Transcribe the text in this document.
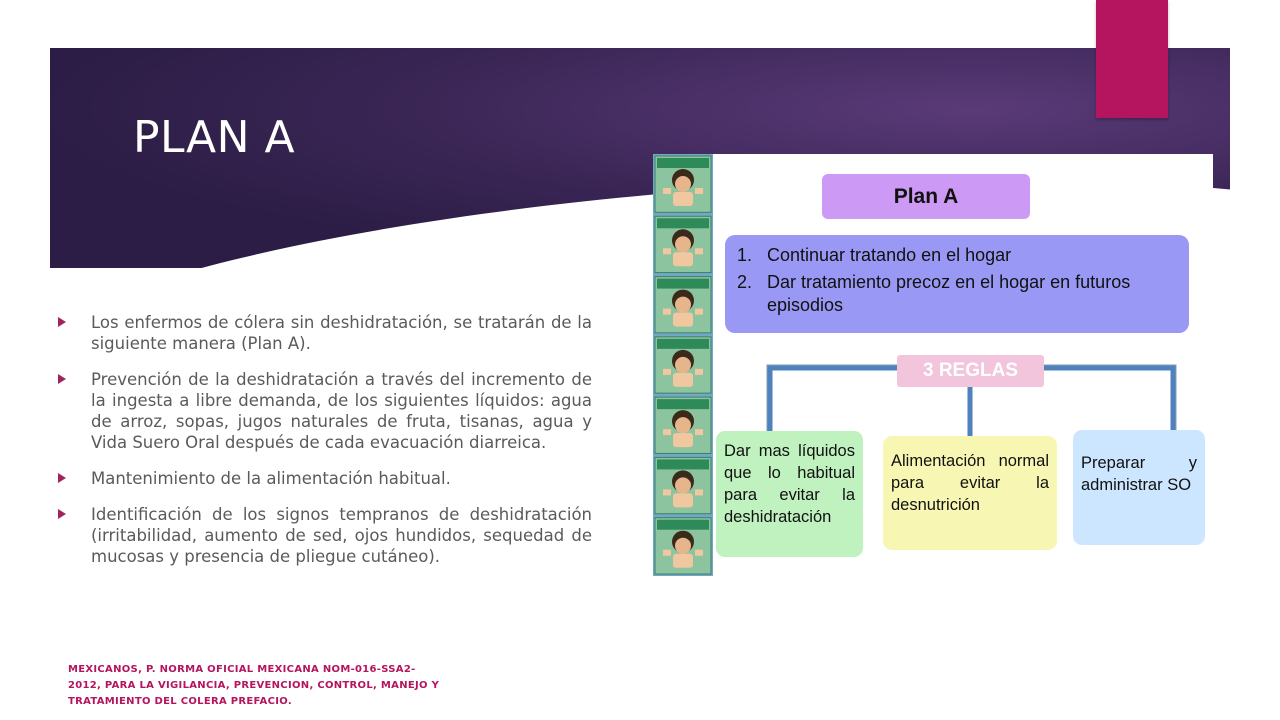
PLAN A
Los enfermos de cólera sin deshidratación, se tratarán de la siguiente manera (Plan A).
Prevención de la deshidratación a través del incremento de la ingesta a libre demanda, de los siguientes líquidos: agua de arroz, sopas, jugos naturales de fruta, tisanas, agua y Vida Suero Oral después de cada evacuación diarreica.
Mantenimiento de la alimentación habitual.
Identificación de los signos tempranos de deshidratación (irritabilidad, aumento de sed, ojos hundidos, sequedad de mucosas y presencia de pliegue cutáneo).

MEXICANOS, P. NORMA OFICIAL MEXICANA NOM-016-SSA2-2012, PARA LA VIGILANCIA, PREVENCION, CONTROL, MANEJO Y TRATAMIENTO DEL COLERA PREFACIO.

Plan A
1. Continuar tratando en el hogar
2. Dar tratamiento precoz en el hogar en futuros episodios
3 REGLAS
Dar mas líquidos que lo habitual para evitar la deshidratación
Alimentación normal para evitar la desnutrición
Preparar y administrar SO
